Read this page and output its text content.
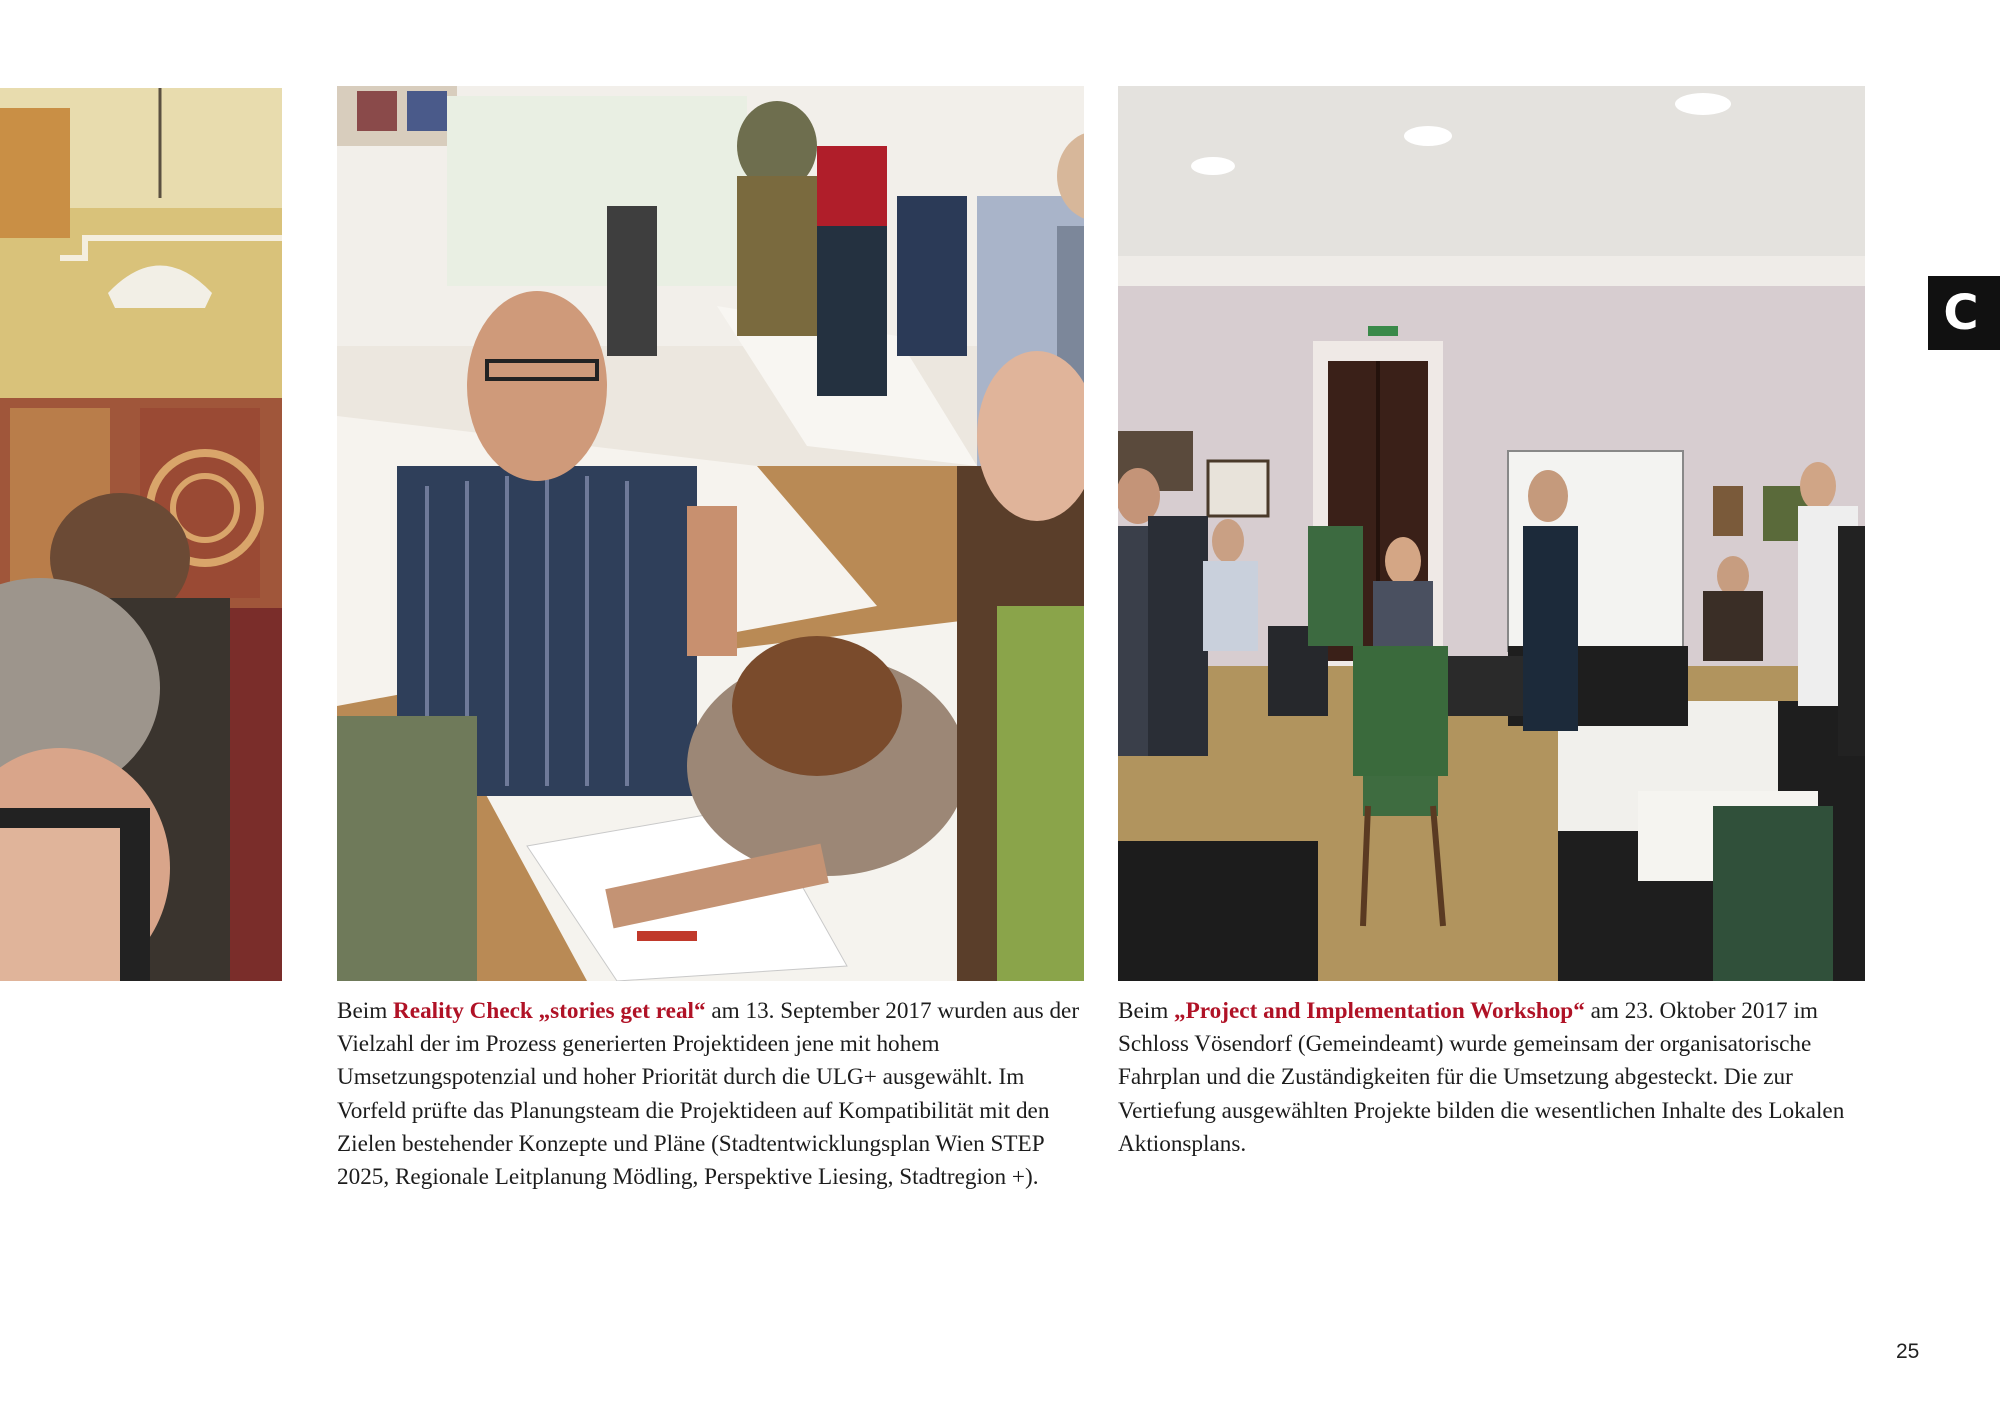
Beim Reality Check „stories get real“ am 13. September 2017 wurden aus der Vielzahl der im Prozess generierten Projektideen jene mit hohem Umsetzungspotenzial und hoher Priorität durch die ULG+ ausgewählt. Im Vorfeld prüfte das Planungsteam die Projektideen auf Kompatibilität mit den Zielen bestehender Konzepte und Pläne (Stadtentwicklungsplan Wien STEP 2025, Regionale Leitplanung Mödling, Perspektive Liesing, Stadtregion +).

Beim „Project and Implementation Workshop“ am 23. Oktober 2017 im Schloss Vösendorf (Gemeindeamt) wurde gemeinsam der organisatorische Fahrplan und die Zuständigkeiten für die Umsetzung abgesteckt. Die zur Vertiefung ausgewählten Projekte bilden die wesentlichen Inhalte des Lokalen Aktionsplans.

C
25
